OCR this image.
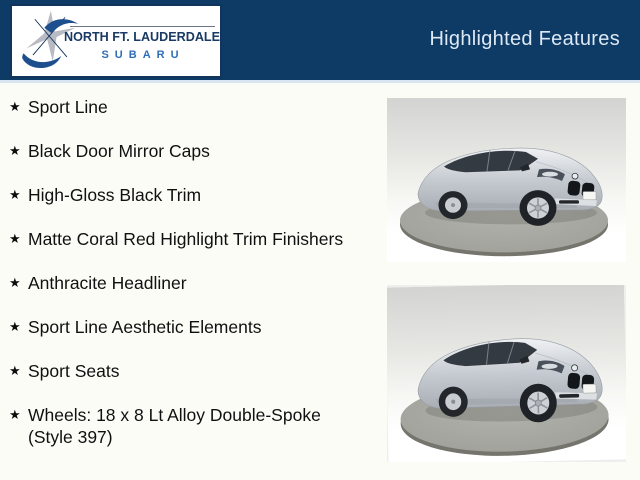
NORTH FT. LAUDERDALE
SUBARU
Highlighted Features
★ Sport Line
★ Black Door Mirror Caps
★ High-Gloss Black Trim
★ Matte Coral Red Highlight Trim Finishers
★ Anthracite Headliner
★ Sport Line Aesthetic Elements
★ Sport Seats
★ Wheels: 18 x 8 Lt Alloy Double-Spoke (Style 397)
